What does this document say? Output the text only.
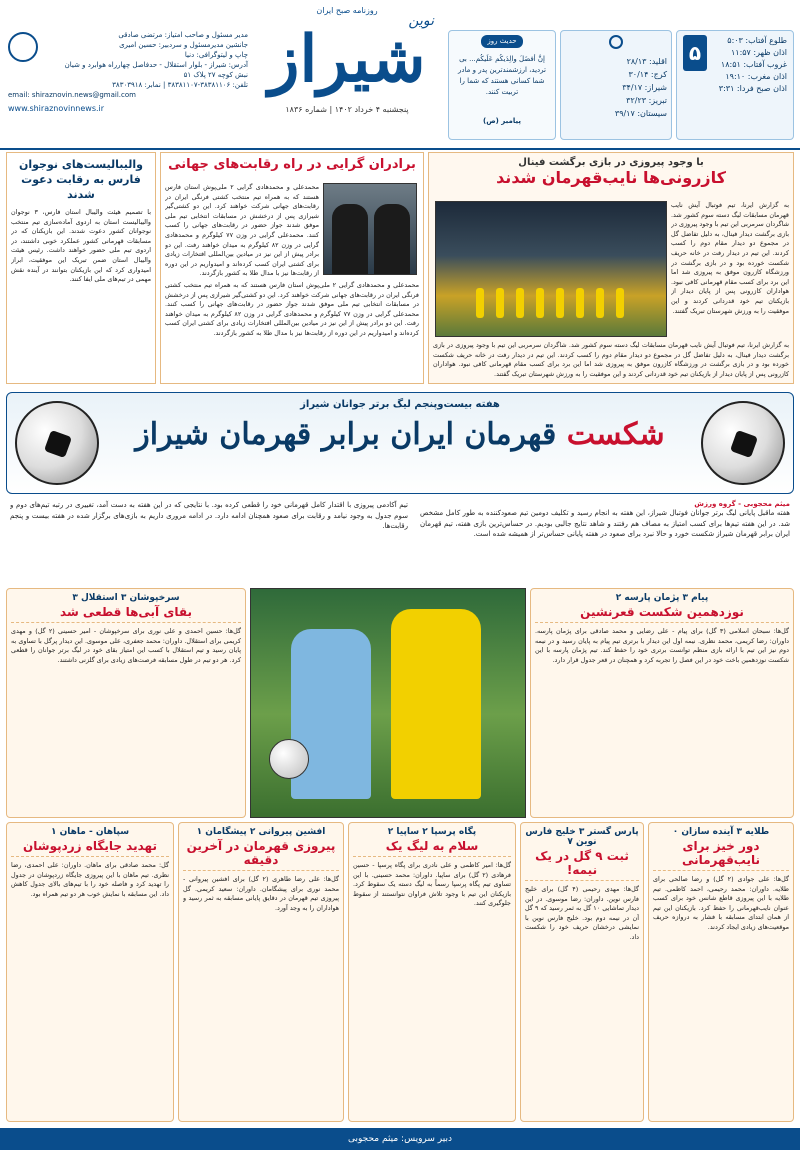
۵
طلوع آفتاب: ۵:۰۳
اذان ظهر: ۱۱:۵۷
غروب آفتاب: ۱۸:۵۱
اذان مغرب: ۱۹:۱۰
اذان صبح فردا: ۳:۳۱
اقلید: ۲۸/۱۳
کرج: ۳۰/۱۴
شیراز: ۳۴/۱۷
تبریز: ۳۲/۲۳
سیستان: ۳۹/۱۷
حدیث روز
إنَّ أفضَلَ والِدَیکُم عَلَیکُم... بی تردید، ارزشمندترین پدر و مادر شما کسانی هستند که شما را تربیت کنند.
پیامبر (ص)
روزنامه صبح ایران
شیراز
نوین
پنجشنبه ۴ خرداد ۱۴۰۲ | شماره ۱۸۳۶
مدیر مسئول و صاحب امتیاز: مرتضی صادقی
جانشین مدیرمسئول و سردبیر: حسین امیری
چاپ و لیتوگرافی: دنیا
آدرس: شیراز - بلوار استقلال - حدفاصل چهارراه هوابرد و شیان
نبش کوچه ۲۷ پلاک ۵۱
تلفن: ۳۸۳۸۱۱۰۶-۳۸۳۸۱۱۰۷ | نمابر: ۳۸۳۰۳۹۱۸
email: shiraznovin.news@gmail.com
www.shiraznovinnews.ir
با وجود پیروزی در بازی برگشت فینال
کازرونی‌ها نایب‌قهرمان شدند
به گزارش ایرنا، تیم فوتبال آیش نایب قهرمان مسابقات لیگ دسته سوم کشور شد. شاگردان سرمربی این تیم با وجود پیروزی در بازی برگشت دیدار فینال، به دلیل تفاضل گل در مجموع دو دیدار مقام دوم را کسب کردند. این تیم در دیدار رفت در خانه حریف شکست خورده بود و در بازی برگشت در ورزشگاه کازرون موفق به پیروزی شد اما این برد برای کسب مقام قهرمانی کافی نبود. هواداران کازرونی پس از پایان دیدار از بازیکنان تیم خود قدردانی کردند و این موفقیت را به ورزش شهرستان تبریک گفتند.
به گزارش ایرنا، تیم فوتبال آیش نایب قهرمان مسابقات لیگ دسته سوم کشور شد. شاگردان سرمربی این تیم با وجود پیروزی در بازی برگشت دیدار فینال، به دلیل تفاضل گل در مجموع دو دیدار مقام دوم را کسب کردند. این تیم در دیدار رفت در خانه حریف شکست خورده بود و در بازی برگشت در ورزشگاه کازرون موفق به پیروزی شد اما این برد برای کسب مقام قهرمانی کافی نبود. هواداران کازرونی پس از پایان دیدار از بازیکنان تیم خود قدردانی کردند و این موفقیت را به ورزش شهرستان تبریک گفتند.
برادران گرایی در راه رقابت‌های جهانی
محمدعلی و محمدهادی گرایی ۲ ملی‌پوش استان فارس هستند که به همراه تیم منتخب کشتی فرنگی ایران در رقابت‌های جهانی شرکت خواهند کرد. این دو کشتی‌گیر شیرازی پس از درخشش در مسابقات انتخابی تیم ملی موفق شدند جواز حضور در رقابت‌های جهانی را کسب کنند. محمدعلی گرایی در وزن ۷۷ کیلوگرم و محمدهادی گرایی در وزن ۸۲ کیلوگرم به میدان خواهند رفت. این دو برادر پیش از این نیز در میادین بین‌المللی افتخارات زیادی برای کشتی ایران کسب کرده‌اند و امیدواریم در این دوره از رقابت‌ها نیز با مدال طلا به کشور بازگردند.
محمدعلی و محمدهادی گرایی ۲ ملی‌پوش استان فارس هستند که به همراه تیم منتخب کشتی فرنگی ایران در رقابت‌های جهانی شرکت خواهند کرد. این دو کشتی‌گیر شیرازی پس از درخشش در مسابقات انتخابی تیم ملی موفق شدند جواز حضور در رقابت‌های جهانی را کسب کنند. محمدعلی گرایی در وزن ۷۷ کیلوگرم و محمدهادی گرایی در وزن ۸۲ کیلوگرم به میدان خواهند رفت. این دو برادر پیش از این نیز در میادین بین‌المللی افتخارات زیادی برای کشتی ایران کسب کرده‌اند و امیدواریم در این دوره از رقابت‌ها نیز با مدال طلا به کشور بازگردند.
والیبالیست‌های نوجوان فارس به رقابت دعوت شدند
با تصمیم هیئت والیبال استان فارس، ۳ نوجوان والیبالیست استان به اردوی آماده‌سازی تیم منتخب نوجوانان کشور دعوت شدند. این بازیکنان که در مسابقات قهرمانی کشور عملکرد خوبی داشتند، در اردوی تیم ملی حضور خواهند داشت. رئیس هیئت والیبال استان ضمن تبریک این موفقیت، ابراز امیدواری کرد که این بازیکنان بتوانند در آینده نقش مهمی در تیم‌های ملی ایفا کنند.
هفته بیست‌وپنجم لیگ برتر جوانان شیراز
شکست قهرمان ایران برابر قهرمان شیراز
میثم محجوبی - گروه ورزش
هفته ماقبل پایانی لیگ برتر جوانان فوتبال شیراز، این هفته به انجام رسید و تکلیف دومین تیم صعودکننده به طور کامل مشخص شد. در این هفته تیم‌ها برای کسب امتیاز به مصاف هم رفتند و شاهد نتایج جالبی بودیم. در حساس‌ترین بازی هفته، تیم قهرمان ایران برابر قهرمان شیراز شکست خورد و حالا نبرد برای صعود در هفته پایانی حساس‌تر از همیشه شده است.
تیم آکادمی پیروزی با اقتدار کامل قهرمانی خود را قطعی کرده بود. با نتایجی که در این هفته به دست آمد، تغییری در رتبه تیم‌های دوم و سوم جدول به وجود نیامد و رقابت برای صعود همچنان ادامه دارد. در ادامه مروری داریم به بازی‌های برگزار شده در هفته بیست و پنجم رقابت‌ها.
پیام ۳ پژمان پارسه ۲
نوزدهمین شکست قعرنشین
گل‌ها: سبحان اسلامی (۳ گل) برای پیام - علی رضایی و محمد صادقی برای پژمان پارسه. داوران: رضا کریمی، محمد نظری. نیمه اول این دیدار با برتری تیم پیام به پایان رسید و در نیمه دوم نیز این تیم با ارائه بازی منظم توانست برتری خود را حفظ کند. تیم پژمان پارسه با این شکست نوزدهمین باخت خود در این فصل را تجربه کرد و همچنان در قعر جدول قرار دارد.
سرخپوشان ۳ استقلال ۳
بقای آبی‌ها قطعی شد
گل‌ها: حسین احمدی و علی نوری برای سرخپوشان - امیر حسینی (۲ گل) و مهدی کریمی برای استقلال. داوران: محمد جعفری، علی موسوی. این دیدار پرگل با تساوی به پایان رسید و تیم استقلال با کسب این امتیاز بقای خود در لیگ برتر جوانان را قطعی کرد. هر دو تیم در طول مسابقه فرصت‌های زیادی برای گلزنی داشتند.
طلایه ۳ آینده سازان ۰
دور خیز برای نایب‌قهرمانی
گل‌ها: علی جوادی (۲ گل) و رضا صالحی برای طلایه. داوران: محمد رحیمی، احمد کاظمی. تیم طلایه با این پیروزی قاطع شانس خود برای کسب عنوان نایب‌قهرمانی را حفظ کرد. بازیکنان این تیم از همان ابتدای مسابقه با فشار به دروازه حریف موقعیت‌های زیادی ایجاد کردند.
پارس گستر ۳ خلیج فارس نوین ۷
ثبت ۹ گل در یک نیمه!
گل‌ها: مهدی رحیمی (۴ گل) برای خلیج فارس نوین. داوران: رضا موسوی. در این دیدار تماشایی ۱۰ گل به ثمر رسید که ۹ گل آن در نیمه دوم بود. خلیج فارس نوین با نمایشی درخشان حریف خود را شکست داد.
پگاه پرسپا ۲ ساپیا ۲
سلام به لیگ یک
گل‌ها: امیر کاظمی و علی نادری برای پگاه پرسپا - حسین فرهادی (۲ گل) برای ساپیا. داوران: محمد حسینی. با این تساوی تیم پگاه پرسپا رسماً به لیگ دسته یک سقوط کرد. بازیکنان این تیم با وجود تلاش فراوان نتوانستند از سقوط جلوگیری کنند.
افشین پیروانی ۲ پیشگامان ۱
پیروزی قهرمان در آخرین دقیقه
گل‌ها: علی رضا طاهری (۲ گل) برای افشین پیروانی - محمد نوری برای پیشگامان. داوران: سعید کریمی. گل پیروزی تیم قهرمان در دقایق پایانی مسابقه به ثمر رسید و هواداران را به وجد آورد.
سپاهان - ماهان ۱
تهدید جایگاه زردپوشان
گل: محمد صادقی برای ماهان. داوران: علی احمدی، رضا نظری. تیم ماهان با این پیروزی جایگاه زردپوشان در جدول را تهدید کرد و فاصله خود را با تیم‌های بالای جدول کاهش داد. این مسابقه با نمایش خوب هر دو تیم همراه بود.
دبیر سرویس: میثم محجوبی
